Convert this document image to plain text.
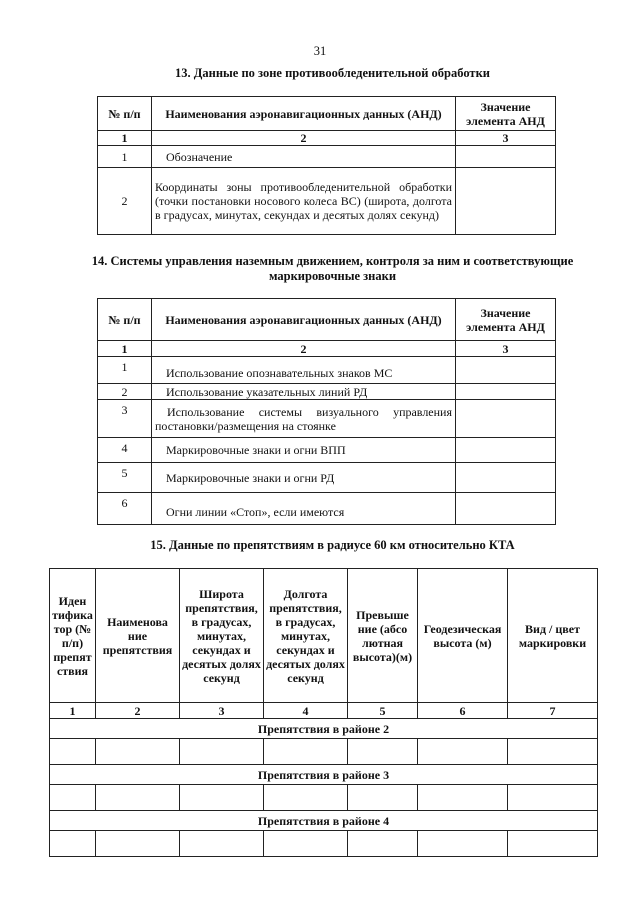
31
13. Данные по зоне противообледенительной обработки
№ п/п	Наименования аэронавигационных данных (АНД)	Значение элемента АНД
1	2	3
1	Обозначение	
2	Координаты зоны противообледенительной обработки (точки постановки носового колеса ВС) (широта, долгота в градусах, минутах, секундах и десятых долях секунд)	
14. Системы управления наземным движением, контроля за ним и соответствующие маркировочные знаки
№ п/п	Наименования аэронавигационных данных (АНД)	Значение элемента АНД
1	2	3
1	Использование опознавательных знаков МС	
2	Использование указательных линий РД	
3	Использование системы визуального управления постановки/размещения на стоянке	
4	Маркировочные знаки и огни ВПП	
5	Маркировочные знаки и огни РД	
6	Огни линии «Стоп», если имеются	
15. Данные по препятствиям в радиусе 60 км относительно КТА
Иден тифика тор (№ п/п) препят ствия	Наименова ние препятствия	Широта препятствия, в градусах, минутах, секундах и десятых долях секунд	Долгота препятствия, в градусах, минутах, секундах и десятых долях секунд	Превыше ние (абсо лютная высота)(м)	Геодезическая высота (м)	Вид / цвет маркировки
1	2	3	4	5	6	7
Препятствия в районе 2						

Препятствия в районе 3						

Препятствия в районе 4						
